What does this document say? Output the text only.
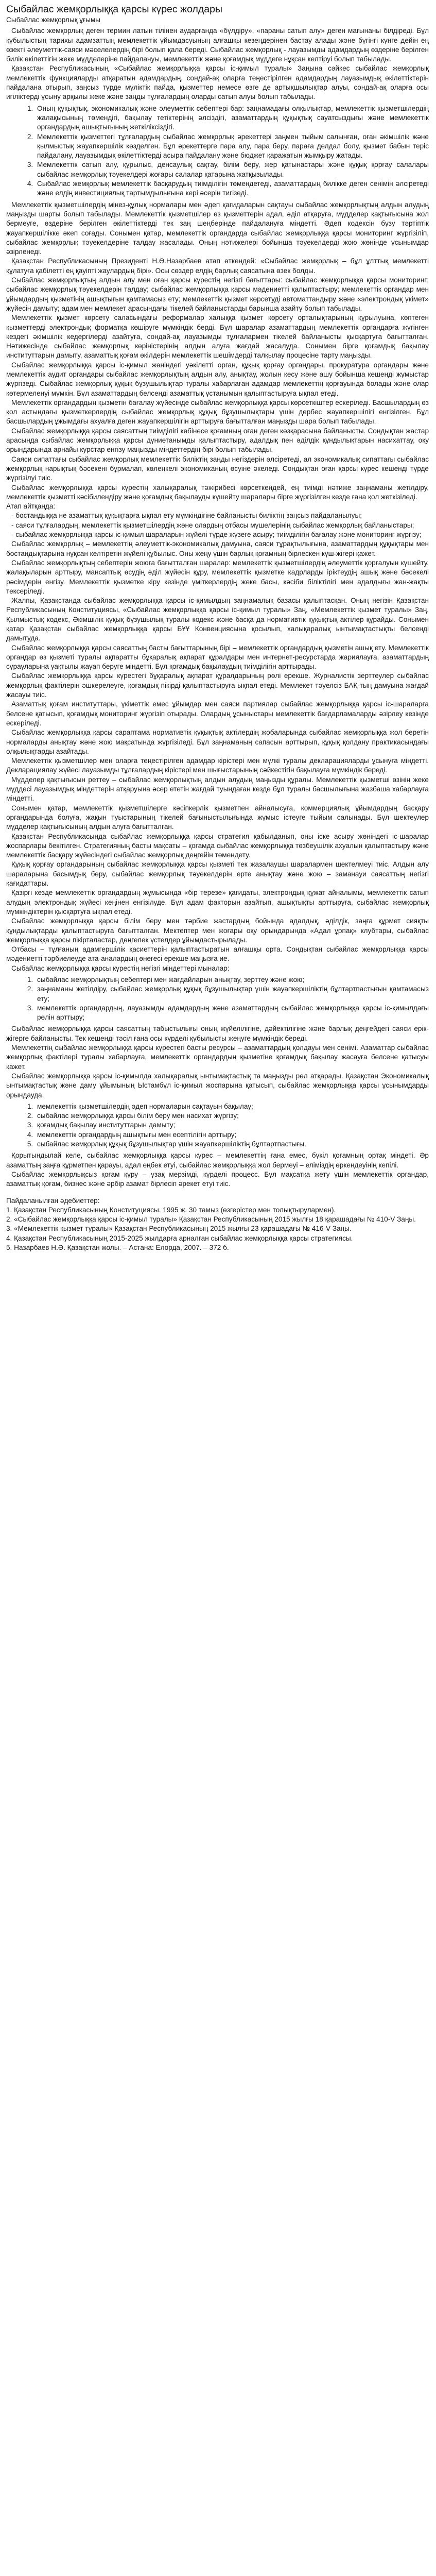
Сыбайлас жемқорлыққа қарсы күрес жолдары
Сыбайлас жемқорлық ұғымы

Сыбайлас жемқорлық деген термин латын тілінен аударғанда «бүлдіру», «параны сатып алу» деген мағынаны білдіреді. Бұл құбылыстың тарихы адамзаттың мемлекеттік ұйымдасуының алғашқы кезеңдерінен бастау алады және бүгінгі күнге дейін ең өзекті әлеуметтік-саяси мәселелердің бірі болып қала береді. Сыбайлас жемқорлық - лауазымды адамдардың өздеріне берілген билік өкілеттігін жеке мүдделеріне пайдалануы, мемлекеттік және қоғамдық мүддеге нұқсан келтіруі болып табылады.

Қазақстан Республикасының «Сыбайлас жемқорлыққа қарсы іс-қимыл туралы» Заңына сәйкес сыбайлас жемқорлық мемлекеттік функцияларды атқаратын адамдардың, сондай-ақ оларға теңестірілген адамдардың лауазымдық өкілеттіктерін пайдалана отырып, заңсыз түрде мүліктік пайда, қызметтер немесе өзге де артықшылықтар алуы, сондай-ақ оларға осы игіліктерді ұсыну арқылы жеке және заңды тұлғалардың оларды сатып алуы болып табылады.

1. Оның құқықтық, экономикалық және әлеуметтік себептері бар: заңнамадағы олқылықтар, мемлекеттік қызметшілердің жалақысының төмендігі, бақылау тетіктерінің әлсіздігі, азаматтардың құқықтық сауатсыздығы және мемлекеттік органдардың ашықтығының жеткіліксіздігі.
2. Мемлекеттік қызметтегі тұлғалардың сыбайлас жемқорлық әрекеттері заңмен тыйым салынған, оған әкімшілік және қылмыстық жауапкершілік көзделген. Бұл әрекеттерге пара алу, пара беру, параға делдал болу, қызмет бабын теріс пайдалану, лауазымдық өкілеттіктерді асыра пайдалану және бюджет қаражатын жымқыру жатады.
3. Мемлекеттік сатып алу, құрылыс, денсаулық сақтау, білім беру, жер қатынастары және құқық қорғау салалары сыбайлас жемқорлық тәуекелдері жоғары салалар қатарына жатқызылады.
4. Сыбайлас жемқорлық мемлекеттік басқарудың тиімділігін төмендетеді, азаматтардың билікке деген сенімін әлсіретеді және елдің инвестициялық тартымдылығына кері әсерін тигізеді.

Мемлекеттік қызметшілердің мінез-құлық нормалары мен әдеп қағидаларын сақтауы сыбайлас жемқорлықтың алдын алудың маңызды шарты болып табылады. Мемлекеттік қызметшілер өз қызметтерін адал, әділ атқаруға, мүдделер қақтығысына жол бермеуге, өздеріне берілген өкілеттіктерді тек заң шеңберінде пайдалануға міндетті. Әдеп кодексін бұзу тәртіптік жауапкершілікке әкеп соғады. Сонымен қатар, мемлекеттік органдарда сыбайлас жемқорлыққа қарсы мониторинг жүргізіліп, сыбайлас жемқорлық тәуекелдеріне талдау жасалады. Оның нәтижелері бойынша тәуекелдерді жою жөнінде ұсынымдар әзірленеді.

Қазақстан Республикасының Президенті Н.Ә.Назарбаев атап өткендей: «Сыбайлас жемқорлық – бұл ұлттық мемлекетті құлатуға қабілетті ең қауіпті жаулардың бірі». Осы сөздер елдің барлық саясатына өзек болды.

Сыбайлас жемқорлықтың алдын алу мен оған қарсы күрестің негізгі бағыттары: сыбайлас жемқорлыққа қарсы мониторинг; сыбайлас жемқорлық тәуекелдерін талдау; сыбайлас жемқорлыққа қарсы мәдениетті қалыптастыру; мемлекеттік органдар мен ұйымдардың қызметінің ашықтығын қамтамасыз ету; мемлекеттік қызмет көрсетуді автоматтандыру және «электрондық үкімет» жүйесін дамыту; адам мен мемлекет арасындағы тікелей байланыстарды барынша азайту болып табылады.

Мемлекеттік қызмет көрсету саласындағы реформалар халыққа қызмет көрсету орталықтарының құрылуына, көптеген қызметтерді электрондық форматқа көшіруге мүмкіндік берді. Бұл шаралар азаматтардың мемлекеттік органдарға жүгінген кездегі әкімшілік кедергілерді азайтуға, сондай-ақ лауазымды тұлғалармен тікелей байланысты қысқартуға бағытталған. Нәтижесінде сыбайлас жемқорлық көріністерінің алдын алуға жағдай жасалуда. Сонымен бірге қоғамдық бақылау институттарын дамыту, азаматтық қоғам өкілдерін мемлекеттік шешімдерді талқылау процесіне тарту маңызды.

Сыбайлас жемқорлыққа қарсы іс-қимыл жөніндегі уәкілетті орган, құқық қорғау органдары, прокуратура органдары және мемлекеттік аудит органдары сыбайлас жемқорлықтың алдын алу, анықтау, жолын кесу және ашу бойынша кешенді жұмыстар жүргізеді. Сыбайлас жемқорлық құқық бұзушылықтар туралы хабарлаған адамдар мемлекеттің қорғауында болады және олар көтермеленуі мүмкін. Бұл азаматтардың белсенді азаматтық ұстанымын қалыптастыруға ықпал етеді.

Мемлекеттік органдардың қызметін бағалау жүйесінде сыбайлас жемқорлыққа қарсы көрсеткіштер ескеріледі. Басшылардың өз қол астындағы қызметкерлердің сыбайлас жемқорлық құқық бұзушылықтары үшін дербес жауапкершілігі енгізілген. Бұл басшылардың ұжымдағы ахуалға деген жауапкершілігін арттыруға бағытталған маңызды шара болып табылады.

Сыбайлас жемқорлыққа қарсы саясаттың тиімділігі көбінесе қоғамның оған деген көзқарасына байланысты. Сондықтан жастар арасында сыбайлас жемқорлыққа қарсы дүниетанымды қалыптастыру, адалдық пен әділдік құндылықтарын насихаттау, оқу орындарында арнайы курстар енгізу маңызды міндеттердің бірі болып табылады.

Саяси сипаттағы сыбайлас жемқорлық мемлекеттік биліктің заңды негіздерін әлсіретеді, ал экономикалық сипаттағы сыбайлас жемқорлық нарықтық бәсекені бұрмалап, көлеңкелі экономиканың өсуіне әкеледі. Сондықтан оған қарсы күрес кешенді түрде жүргізілуі тиіс.

Сыбайлас жемқорлыққа қарсы күрестің халықаралық тәжірибесі көрсеткендей, ең тиімді нәтиже заңнаманы жетілдіру, мемлекеттік қызметті кәсібилендіру және қоғамдық бақылауды күшейту шаралары бірге жүргізілген кезде ғана қол жеткізіледі.

Атап айтқанда:

- бостандыққа не азаматтық құқықтарға ықпал ету мүмкіндігіне байланысты биліктің заңсыз пайдаланылуы;
- саяси тұлғалардың, мемлекеттік қызметшілердің және олардың отбасы мүшелерінің сыбайлас жемқорлық байланыстары;
- сыбайлас жемқорлыққа қарсы іс-қимыл шараларын жүйелі түрде жүзеге асыру; тиімділігін бағалау және мониторинг жүргізу;

Сыбайлас жемқорлық – мемлекеттің әлеуметтік-экономикалық дамуына, саяси тұрақтылығына, азаматтардың құқықтары мен бостандықтарына нұқсан келтіретін жүйелі құбылыс. Оны жеңу үшін барлық қоғамның бірлескен күш-жігері қажет.

Сыбайлас жемқорлықтың себептерін жоюға бағытталған шаралар: мемлекеттік қызметшілердің әлеуметтік қорғалуын күшейту, жалақыларын арттыру, мансаптық өсудің әділ жүйесін құру, мемлекеттік қызметке кадрларды іріктеудің ашық және бәсекелі рәсімдерін енгізу. Мемлекеттік қызметке кіру кезінде үміткерлердің жеке басы, кәсіби біліктілігі мен адалдығы жан-жақты тексеріледі.

Жалпы, Қазақстанда сыбайлас жемқорлыққа қарсы іс-қимылдың заңнамалық базасы қалыптасқан. Оның негізін Қазақстан Республикасының Конституциясы, «Сыбайлас жемқорлыққа қарсы іс-қимыл туралы» Заң, «Мемлекеттік қызмет туралы» Заң, Қылмыстық кодекс, Әкімшілік құқық бұзушылық туралы кодекс және басқа да нормативтік құқықтық актілер құрайды. Сонымен қатар Қазақстан сыбайлас жемқорлыққа қарсы БҰҰ Конвенциясына қосылып, халықаралық ынтымақтастықты белсенді дамытуда.

Сыбайлас жемқорлыққа қарсы саясаттың басты бағыттарының бірі – мемлекеттік органдардың қызметін ашық ету. Мемлекеттік органдар өз қызметі туралы ақпаратты бұқаралық ақпарат құралдары мен интернет-ресурстарда жариялауға, азаматтардың сұрауларына уақтылы жауап беруге міндетті. Бұл қоғамдық бақылаудың тиімділігін арттырады.

Сыбайлас жемқорлыққа қарсы күрестегі бұқаралық ақпарат құралдарының рөлі ерекше. Журналистік зерттеулер сыбайлас жемқорлық фактілерін әшкерелеуге, қоғамдық пікірді қалыптастыруға ықпал етеді. Мемлекет тәуелсіз БАҚ-тың дамуына жағдай жасауы тиіс.

Азаматтық қоғам институттары, үкіметтік емес ұйымдар мен саяси партиялар сыбайлас жемқорлыққа қарсы іс-шараларға белсене қатысып, қоғамдық мониторинг жүргізіп отырады. Олардың ұсыныстары мемлекеттік бағдарламаларды әзірлеу кезінде ескеріледі.

Сыбайлас жемқорлыққа қарсы сараптама нормативтік құқықтық актілердің жобаларында сыбайлас жемқорлыққа жол беретін нормаларды анықтау және жою мақсатында жүргізіледі. Бұл заңнаманың сапасын арттырып, құқық қолдану практикасындағы олқылықтарды азайтады.

Мемлекеттік қызметшілер мен оларға теңестірілген адамдар кірістері мен мүлкі туралы декларацияларды ұсынуға міндетті. Декларациялау жүйесі лауазымды тұлғалардың кірістері мен шығыстарының сәйкестігін бақылауға мүмкіндік береді.

Мүдделер қақтығысын реттеу – сыбайлас жемқорлықтың алдын алудың маңызды құралы. Мемлекеттік қызметші өзінің жеке мүддесі лауазымдық міндеттерін атқаруына әсер ететін жағдай туындаған кезде бұл туралы басшылығына жазбаша хабарлауға міндетті.

Сонымен қатар, мемлекеттік қызметшілерге кәсіпкерлік қызметпен айналысуға, коммерциялық ұйымдардың басқару органдарында болуға, жақын туыстарының тікелей бағыныстылығында жұмыс істеуге тыйым салынады. Бұл шектеулер мүдделер қақтығысының алдын алуға бағытталған.

Қазақстан Республикасында сыбайлас жемқорлыққа қарсы стратегия қабылданып, оны іске асыру жөніндегі іс-шаралар жоспарлары бекітілген. Стратегияның басты мақсаты – қоғамда сыбайлас жемқорлыққа төзбеушілік ахуалын қалыптастыру және мемлекеттік басқару жүйесіндегі сыбайлас жемқорлық деңгейін төмендету.

Құқық қорғау органдарының сыбайлас жемқорлыққа қарсы қызметі тек жазалаушы шаралармен шектелмеуі тиіс. Алдын алу шараларына басымдық беру, сыбайлас жемқорлық тәуекелдерін ерте анықтау және жою – заманауи саясаттың негізгі қағидаттары.

Қазіргі кезде мемлекеттік органдардың жұмысында «бір терезе» қағидаты, электрондық құжат айналымы, мемлекеттік сатып алудың электрондық жүйесі кеңінен енгізілуде. Бұл адам факторын азайтып, ашықтықты арттыруға, сыбайлас жемқорлық мүмкіндіктерін қысқартуға ықпал етеді.

Сыбайлас жемқорлыққа қарсы білім беру мен тәрбие жастардың бойында адалдық, әділдік, заңға құрмет сияқты құндылықтарды қалыптастыруға бағытталған. Мектептер мен жоғары оқу орындарында «Адал ұрпақ» клубтары, сыбайлас жемқорлыққа қарсы пікірталастар, дөңгелек үстелдер ұйымдастырылады.

Отбасы – тұлғаның адамгершілік қасиеттерін қалыптастыратын алғашқы орта. Сондықтан сыбайлас жемқорлыққа қарсы мәдениетті тәрбиелеуде ата-аналардың өнегесі ерекше маңызға ие.

Сыбайлас жемқорлыққа қарсы күрестің негізгі міндеттері мыналар:

1. сыбайлас жемқорлықтың себептері мен жағдайларын анықтау, зерттеу және жою;
2. заңнаманы жетілдіру, сыбайлас жемқорлық құқық бұзушылықтар үшін жауапкершіліктің бұлтартпастығын қамтамасыз ету;
3. мемлекеттік органдардың, лауазымды адамдардың және азаматтардың сыбайлас жемқорлыққа қарсы іс-қимылдағы рөлін арттыру;

Сыбайлас жемқорлыққа қарсы саясаттың табыстылығы оның жүйелілігіне, дәйектілігіне және барлық деңгейдегі саяси ерік-жігерге байланысты. Тек кешенді тәсіл ғана осы күрделі құбылысты жеңуге мүмкіндік береді.

Мемлекеттің сыбайлас жемқорлыққа қарсы күрестегі басты ресурсы – азаматтардың қолдауы мен сенімі. Азаматтар сыбайлас жемқорлық фактілері туралы хабарлауға, мемлекеттік органдардың қызметіне қоғамдық бақылау жасауға белсене қатысуы қажет.

Сыбайлас жемқорлыққа қарсы іс-қимылда халықаралық ынтымақтастық та маңызды рөл атқарады. Қазақстан Экономикалық ынтымақтастық және даму ұйымының Ыстамбұл іс-қимыл жоспарына қатысып, сыбайлас жемқорлыққа қарсы ұсынымдарды орындауда.

1. мемлекеттік қызметшілердің әдеп нормаларын сақтауын бақылау;
2. сыбайлас жемқорлыққа қарсы білім беру мен насихат жүргізу;
3. қоғамдық бақылау институттарын дамыту;
4. мемлекеттік органдардың ашықтығы мен есептілігін арттыру;
5. сыбайлас жемқорлық құқық бұзушылықтар үшін жауапкершіліктің бұлтартпастығы.

Қорытындылай келе, сыбайлас жемқорлыққа қарсы күрес – мемлекеттің ғана емес, бүкіл қоғамның ортақ міндеті. Әр азаматтың заңға құрметпен қарауы, адал еңбек етуі, сыбайлас жемқорлыққа жол бермеуі – еліміздің өркендеуінің кепілі.

Сыбайлас жемқорлықсыз қоғам құру – ұзақ мерзімді, күрделі процесс. Бұл мақсатқа жету үшін мемлекеттік органдар, азаматтық қоғам, бизнес және әрбір азамат бірлесіп әрекет етуі тиіс.

Пайдаланылған әдебиеттер:

1. Қазақстан Республикасының Конституциясы. 1995 ж. 30 тамыз (өзгерістер мен толықтырулармен).
2. «Сыбайлас жемқорлыққа қарсы іс-қимыл туралы» Қазақстан Республикасының 2015 жылғы 18 қарашадағы № 410-V Заңы.
3. «Мемлекеттік қызмет туралы» Қазақстан Республикасының 2015 жылғы 23 қарашадағы № 416-V Заңы.
4. Қазақстан Республикасының 2015-2025 жылдарға арналған сыбайлас жемқорлыққа қарсы стратегиясы.
5. Назарбаев Н.Ә. Қазақстан жолы. – Астана: Елорда, 2007. – 372 б.
